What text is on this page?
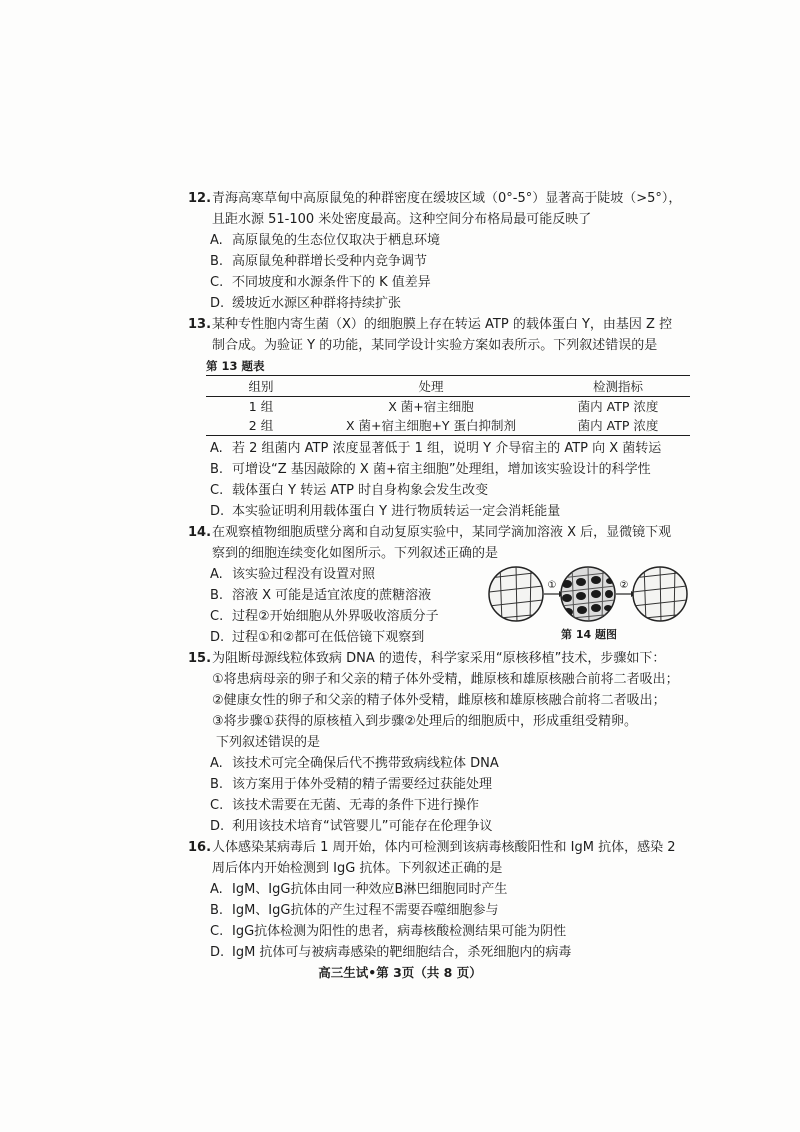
12. 青海高寒草甸中高原鼠兔的种群密度在缓坡区域（0°-5°）显著高于陡坡（>5°），
且距水源 51-100 米处密度最高。这种空间分布格局最可能反映了
A. 高原鼠兔的生态位仅取决于栖息环境
B. 高原鼠兔种群增长受种内竞争调节
C. 不同坡度和水源条件下的 K 值差异
D. 缓坡近水源区种群将持续扩张
13. 某种专性胞内寄生菌（X）的细胞膜上存在转运 ATP 的载体蛋白 Y，由基因 Z 控
制合成。为验证 Y 的功能，某同学设计实验方案如表所示。下列叙述错误的是
第 13 题表
组别	处理	检测指标
1 组	X 菌+宿主细胞	菌内 ATP 浓度
2 组	X 菌+宿主细胞+Y 蛋白抑制剂	菌内 ATP 浓度
A. 若 2 组菌内 ATP 浓度显著低于 1 组，说明 Y 介导宿主的 ATP 向 X 菌转运
B. 可增设“Z 基因敲除的 X 菌+宿主细胞”处理组，增加该实验设计的科学性
C. 载体蛋白 Y 转运 ATP 时自身构象会发生改变
D. 本实验证明利用载体蛋白 Y 进行物质转运一定会消耗能量
14. 在观察植物细胞质壁分离和自动复原实验中，某同学滴加溶液 X 后，显微镜下观
察到的细胞连续变化如图所示。下列叙述正确的是
A. 该实验过程没有设置对照
B. 溶液 X 可能是适宜浓度的蔗糖溶液
C. 过程②开始细胞从外界吸收溶质分子
D. 过程①和②都可在低倍镜下观察到
①	②
第 14 题图
15. 为阻断母源线粒体致病 DNA 的遗传，科学家采用“原核移植”技术，步骤如下：
①将患病母亲的卵子和父亲的精子体外受精，雌原核和雄原核融合前将二者吸出；
②健康女性的卵子和父亲的精子体外受精，雌原核和雄原核融合前将二者吸出；
③将步骤①获得的原核植入到步骤②处理后的细胞质中，形成重组受精卵。
下列叙述错误的是
A. 该技术可完全确保后代不携带致病线粒体 DNA
B. 该方案用于体外受精的精子需要经过获能处理
C. 该技术需要在无菌、无毒的条件下进行操作
D. 利用该技术培育“试管婴儿”可能存在伦理争议
16. 人体感染某病毒后 1 周开始，体内可检测到该病毒核酸阳性和 IgM 抗体，感染 2
周后体内开始检测到 IgG 抗体。下列叙述正确的是
A. IgM、IgG抗体由同一种效应B淋巴细胞同时产生
B. IgM、IgG抗体的产生过程不需要吞噬细胞参与
C. IgG抗体检测为阳性的患者，病毒核酸检测结果可能为阴性
D. IgM 抗体可与被病毒感染的靶细胞结合，杀死细胞内的病毒
高三生试•第 3页（共 8 页）
